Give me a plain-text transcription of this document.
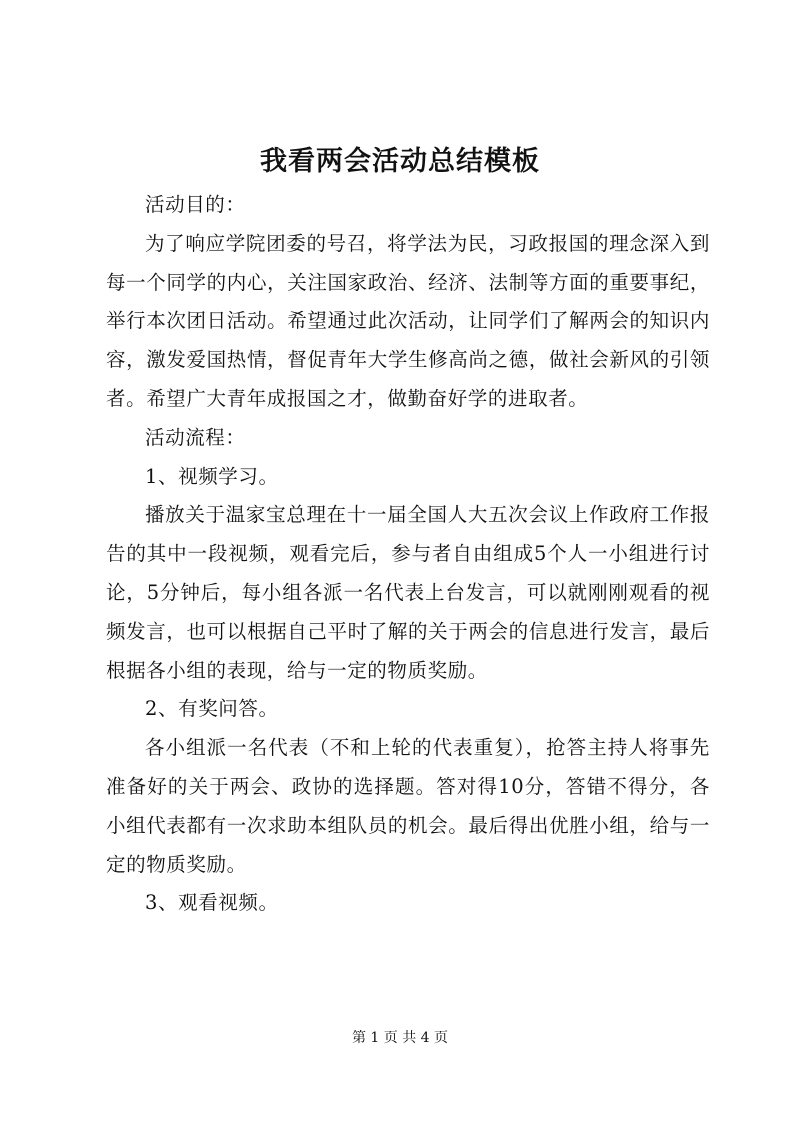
我看两会活动总结模板

活动目的：

为了响应学院团委的号召，将学法为民，习政报国的理念深入到每一个同学的内心，关注国家政治、经济、法制等方面的重要事纪，举行本次团日活动。希望通过此次活动，让同学们了解两会的知识内容，激发爱国热情，督促青年大学生修高尚之德，做社会新风的引领者。希望广大青年成报国之才，做勤奋好学的进取者。

活动流程：

1、视频学习。

播放关于温家宝总理在十一届全国人大五次会议上作政府工作报告的其中一段视频，观看完后，参与者自由组成5个人一小组进行讨论，5分钟后，每小组各派一名代表上台发言，可以就刚刚观看的视频发言，也可以根据自己平时了解的关于两会的信息进行发言，最后根据各小组的表现，给与一定的物质奖励。

2、有奖问答。

各小组派一名代表（不和上轮的代表重复），抢答主持人将事先准备好的关于两会、政协的选择题。答对得10分，答错不得分，各小组代表都有一次求助本组队员的机会。最后得出优胜小组，给与一定的物质奖励。

3、观看视频。

第 1 页 共 4 页
